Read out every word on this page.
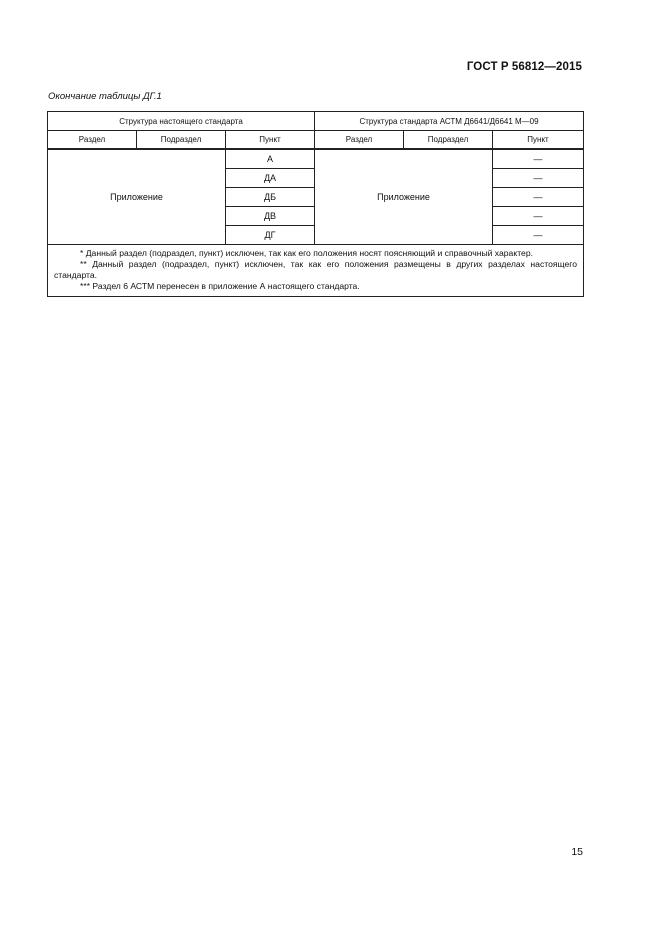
ГОСТ Р 56812—2015
Окончание таблицы ДГ.1
Структура настоящего стандарта			Структура стандарта АСТМ Д6641/Д6641 М—09		
Раздел	Подраздел	Пункт	Раздел	Подраздел	Пункт
Приложение		А	Приложение		—
		ДА			—
		ДБ			—
		ДВ			—
		ДГ			—

* Данный раздел (подраздел, пункт) исключен, так как его положения носят поясняющий и справочный характер.
** Данный раздел (подраздел, пункт) исключен, так как его положения размещены в других разделах настоящего стандарта.
*** Раздел 6 АСТМ перенесен в приложение А настоящего стандарта.					
15
